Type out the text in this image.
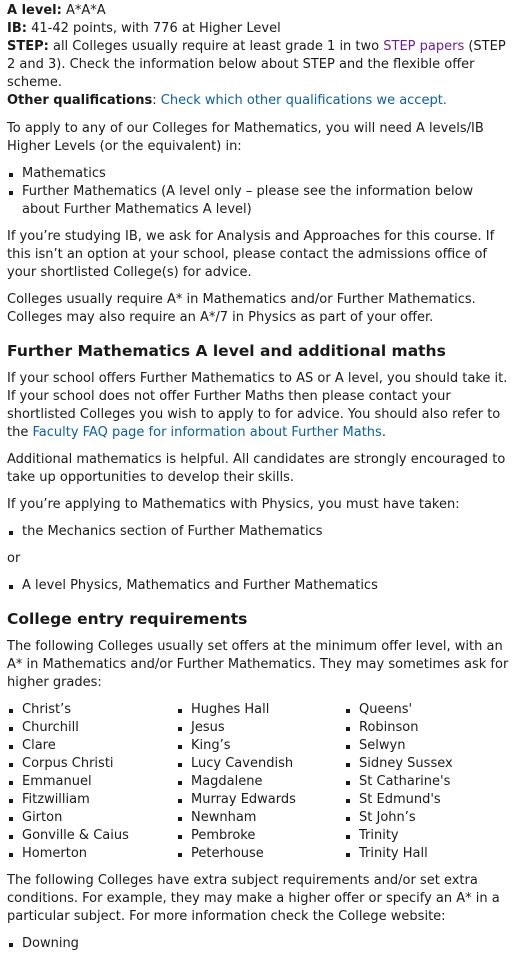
A level: A*A*A

IB: 41-42 points, with 776 at Higher Level

STEP: all Colleges usually require at least grade 1 in two STEP papers (STEP 2 and 3). Check the information below about STEP and the flexible offer scheme.

Other qualifications: Check which other qualifications we accept.

To apply to any of our Colleges for Mathematics, you will need A levels/IB Higher Levels (or the equivalent) in:

Mathematics
Further Mathematics (A level only – please see the information below about Further Mathematics A level)

If you’re studying IB, we ask for Analysis and Approaches for this course. If this isn’t an option at your school, please contact the admissions office of your shortlisted College(s) for advice.

Colleges usually require A* in Mathematics and/or Further Mathematics. Colleges may also require an A*/7 in Physics as part of your offer.

Further Mathematics A level and additional maths

If your school offers Further Mathematics to AS or A level, you should take it. If your school does not offer Further Maths then please contact your shortlisted Colleges you wish to apply to for advice. You should also refer to the Faculty FAQ page for information about Further Maths.

Additional mathematics is helpful. All candidates are strongly encouraged to take up opportunities to develop their skills.

If you’re applying to Mathematics with Physics, you must have taken:

the Mechanics section of Further Mathematics

or

A level Physics, Mathematics and Further Mathematics
College entry requirements

The following Colleges usually set offers at the minimum offer level, with an A* in Mathematics and/or Further Mathematics. They may sometimes ask for higher grades:

Christ’s
Churchill
Clare
Corpus Christi
Emmanuel
Fitzwilliam
Girton
Gonville & Caius
Homerton
Hughes Hall
Jesus
King’s
Lucy Cavendish
Magdalene
Murray Edwards
Newnham
Pembroke
Peterhouse
Queens'
Robinson
Selwyn
Sidney Sussex
St Catharine's
St Edmund's
St John’s
Trinity
Trinity Hall

The following Colleges have extra subject requirements and/or set extra conditions. For example, they may make a higher offer or specify an A* in a particular subject. For more information check the College website:

Downing
